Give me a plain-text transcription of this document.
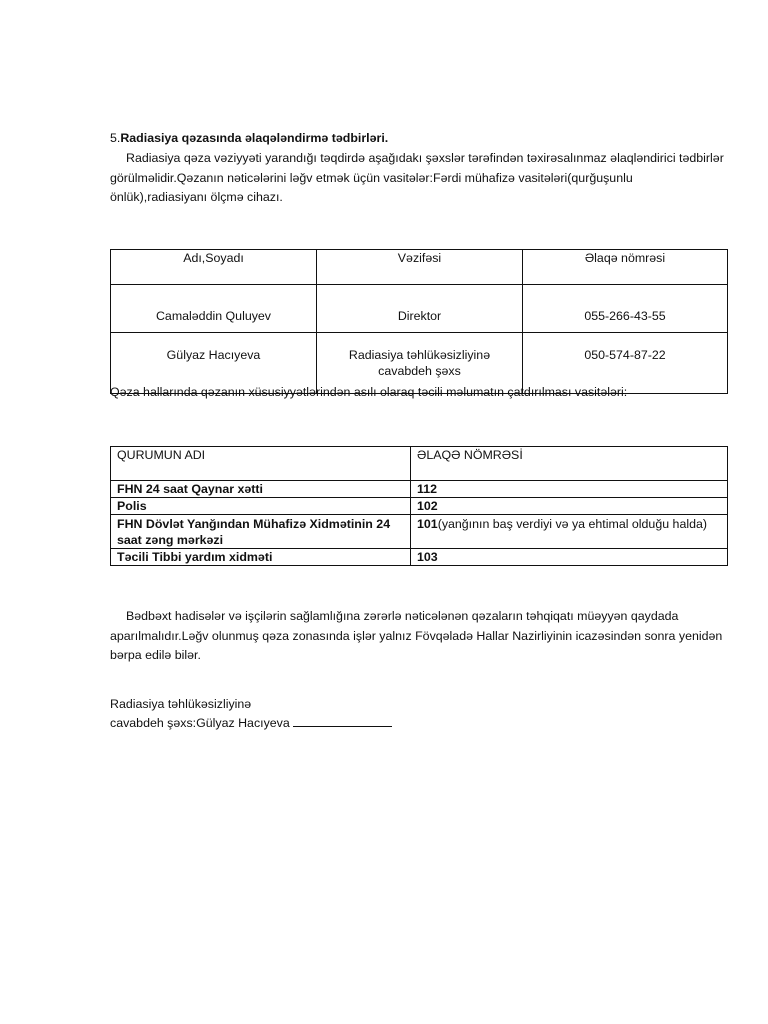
5.Radiasiya qəzasında əlaqələndirmə tədbirləri.
Radiasiya qəza vəziyyəti yarandığı təqdirdə aşağıdakı şəxslər tərəfindən təxirəsalınmaz əlaqləndirici tədbirlər görülməlidir.Qəzanın nəticələrini ləğv etmək üçün vasitələr:Fərdi mühafizə vasitələri(qurğuşunlu önlük),radiasiyanı ölçmə cihazı.
Adı,Soyadı	Vəzifəsi	Əlaqə nömrəsi
Camaləddin Quluyev	Direktor	055-266-43-55
Gülyaz Hacıyeva	Radiasiya təhlükəsizliyinə cavabdeh şəxs	050-574-87-22
Qəza hallarında qəzanın xüsusiyyətlərindən asılı olaraq təcili məlumatın çatdırılması vasitələri:
QURUMUN ADI	ƏLAQƏ NÖMRƏSİ
FHN 24 saat Qaynar xətti	112
Polis	102
FHN Dövlət Yanğından Mühafizə Xidmətinin 24 saat zəng mərkəzi	101(yanğının baş verdiyi və ya ehtimal olduğu halda)
Təcili Tibbi yardım xidməti	103
Bədbəxt hadisələr və işçilərin sağlamlığına zərərlə nəticələnən qəzaların təhqiqatı müəyyən qaydada aparılmalıdır.Ləğv olunmuş qəza zonasında işlər yalnız Fövqəladə Hallar Nazirliyinin icazəsindən sonra yenidən bərpa edilə bilər.
Radiasiya təhlükəsizliyinə
cavabdeh şəxs:Gülyaz Hacıyeva
